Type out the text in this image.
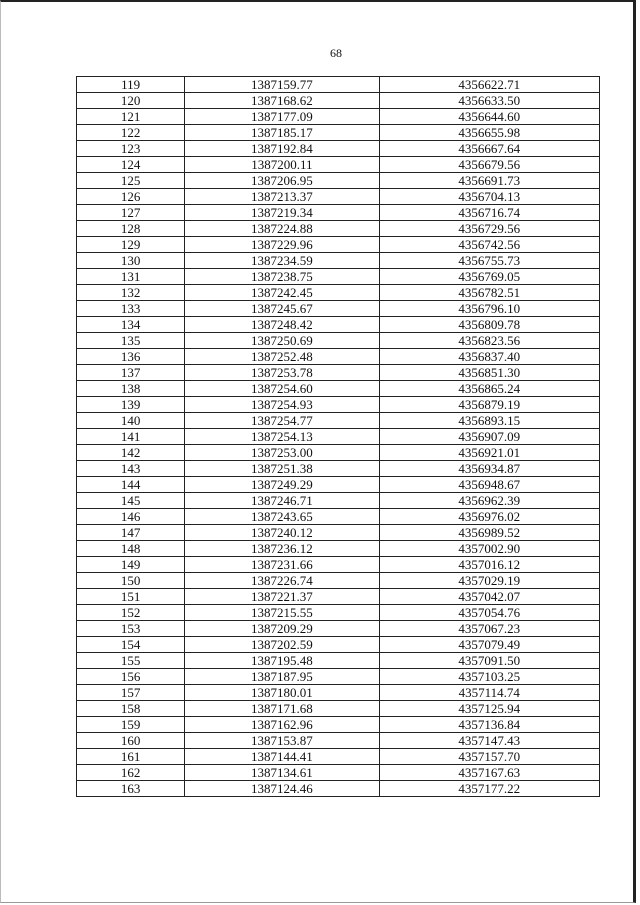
68
119	1387159.77	4356622.71
120	1387168.62	4356633.50
121	1387177.09	4356644.60
122	1387185.17	4356655.98
123	1387192.84	4356667.64
124	1387200.11	4356679.56
125	1387206.95	4356691.73
126	1387213.37	4356704.13
127	1387219.34	4356716.74
128	1387224.88	4356729.56
129	1387229.96	4356742.56
130	1387234.59	4356755.73
131	1387238.75	4356769.05
132	1387242.45	4356782.51
133	1387245.67	4356796.10
134	1387248.42	4356809.78
135	1387250.69	4356823.56
136	1387252.48	4356837.40
137	1387253.78	4356851.30
138	1387254.60	4356865.24
139	1387254.93	4356879.19
140	1387254.77	4356893.15
141	1387254.13	4356907.09
142	1387253.00	4356921.01
143	1387251.38	4356934.87
144	1387249.29	4356948.67
145	1387246.71	4356962.39
146	1387243.65	4356976.02
147	1387240.12	4356989.52
148	1387236.12	4357002.90
149	1387231.66	4357016.12
150	1387226.74	4357029.19
151	1387221.37	4357042.07
152	1387215.55	4357054.76
153	1387209.29	4357067.23
154	1387202.59	4357079.49
155	1387195.48	4357091.50
156	1387187.95	4357103.25
157	1387180.01	4357114.74
158	1387171.68	4357125.94
159	1387162.96	4357136.84
160	1387153.87	4357147.43
161	1387144.41	4357157.70
162	1387134.61	4357167.63
163	1387124.46	4357177.22
